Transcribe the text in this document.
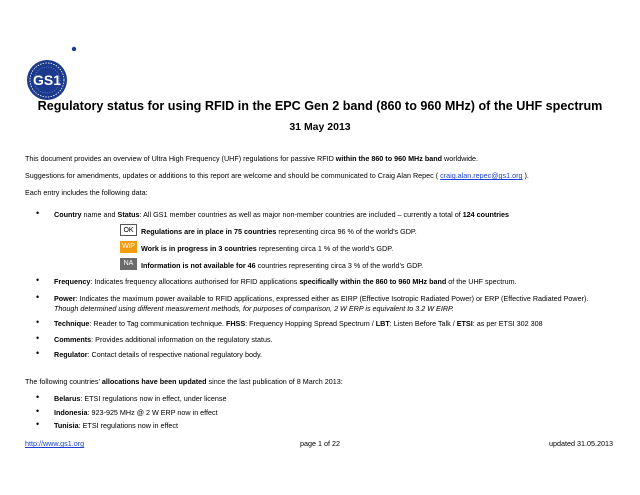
GS1
Regulatory status for using RFID in the EPC Gen 2 band (860 to 960 MHz) of the UHF spectrum
31 May 2013
This document provides an overview of Ultra High Frequency (UHF) regulations for passive RFID within the 860 to 960 MHz band worldwide.
Suggestions for amendments, updates or additions to this report are welcome and should be communicated to Craig Alan Repec ( craig.alan.repec@gs1.org ).
Each entry includes the following data:
• Country name and Status: All GS1 member countries as well as major non-member countries are included – currently a total of 124 countries
OK	Regulations are in place in 75 countries representing circa 96 % of the world’s GDP.
WiP Work is in progress in 3 countries representing circa 1 % of the world’s GDP.
NA	Information is not available for 46 countries representing circa 3 % of the world’s GDP.
• Frequency: Indicates frequency allocations authorised for RFID applications specifically within the 860 to 960 MHz band of the UHF spectrum.
• Power: Indicates the maximum power available to RFID applications, expressed either as EIRP (Effective Isotropic Radiated Power) or ERP (Effective Radiated Power). Though determined using different measurement methods, for purposes of comparison, 2 W ERP is equivalent to 3.2 W EIRP.
• Technique: Reader to Tag communication technique. FHSS: Frequency Hopping Spread Spectrum / LBT: Listen Before Talk / ETSI: as per ETSI 302 308
• Comments: Provides additional information on the regulatory status.
• Regulator: Contact details of respective national regulatory body.
The following countries’ allocations have been updated since the last publication of 8 March 2013:
• Belarus: ETSI regulations now in effect, under license
• Indonesia: 923-925 MHz @ 2 W ERP now in effect
• Tunisia: ETSI regulations now in effect
http://www.gs1.org	page 1 of 22	updated 31.05.2013
